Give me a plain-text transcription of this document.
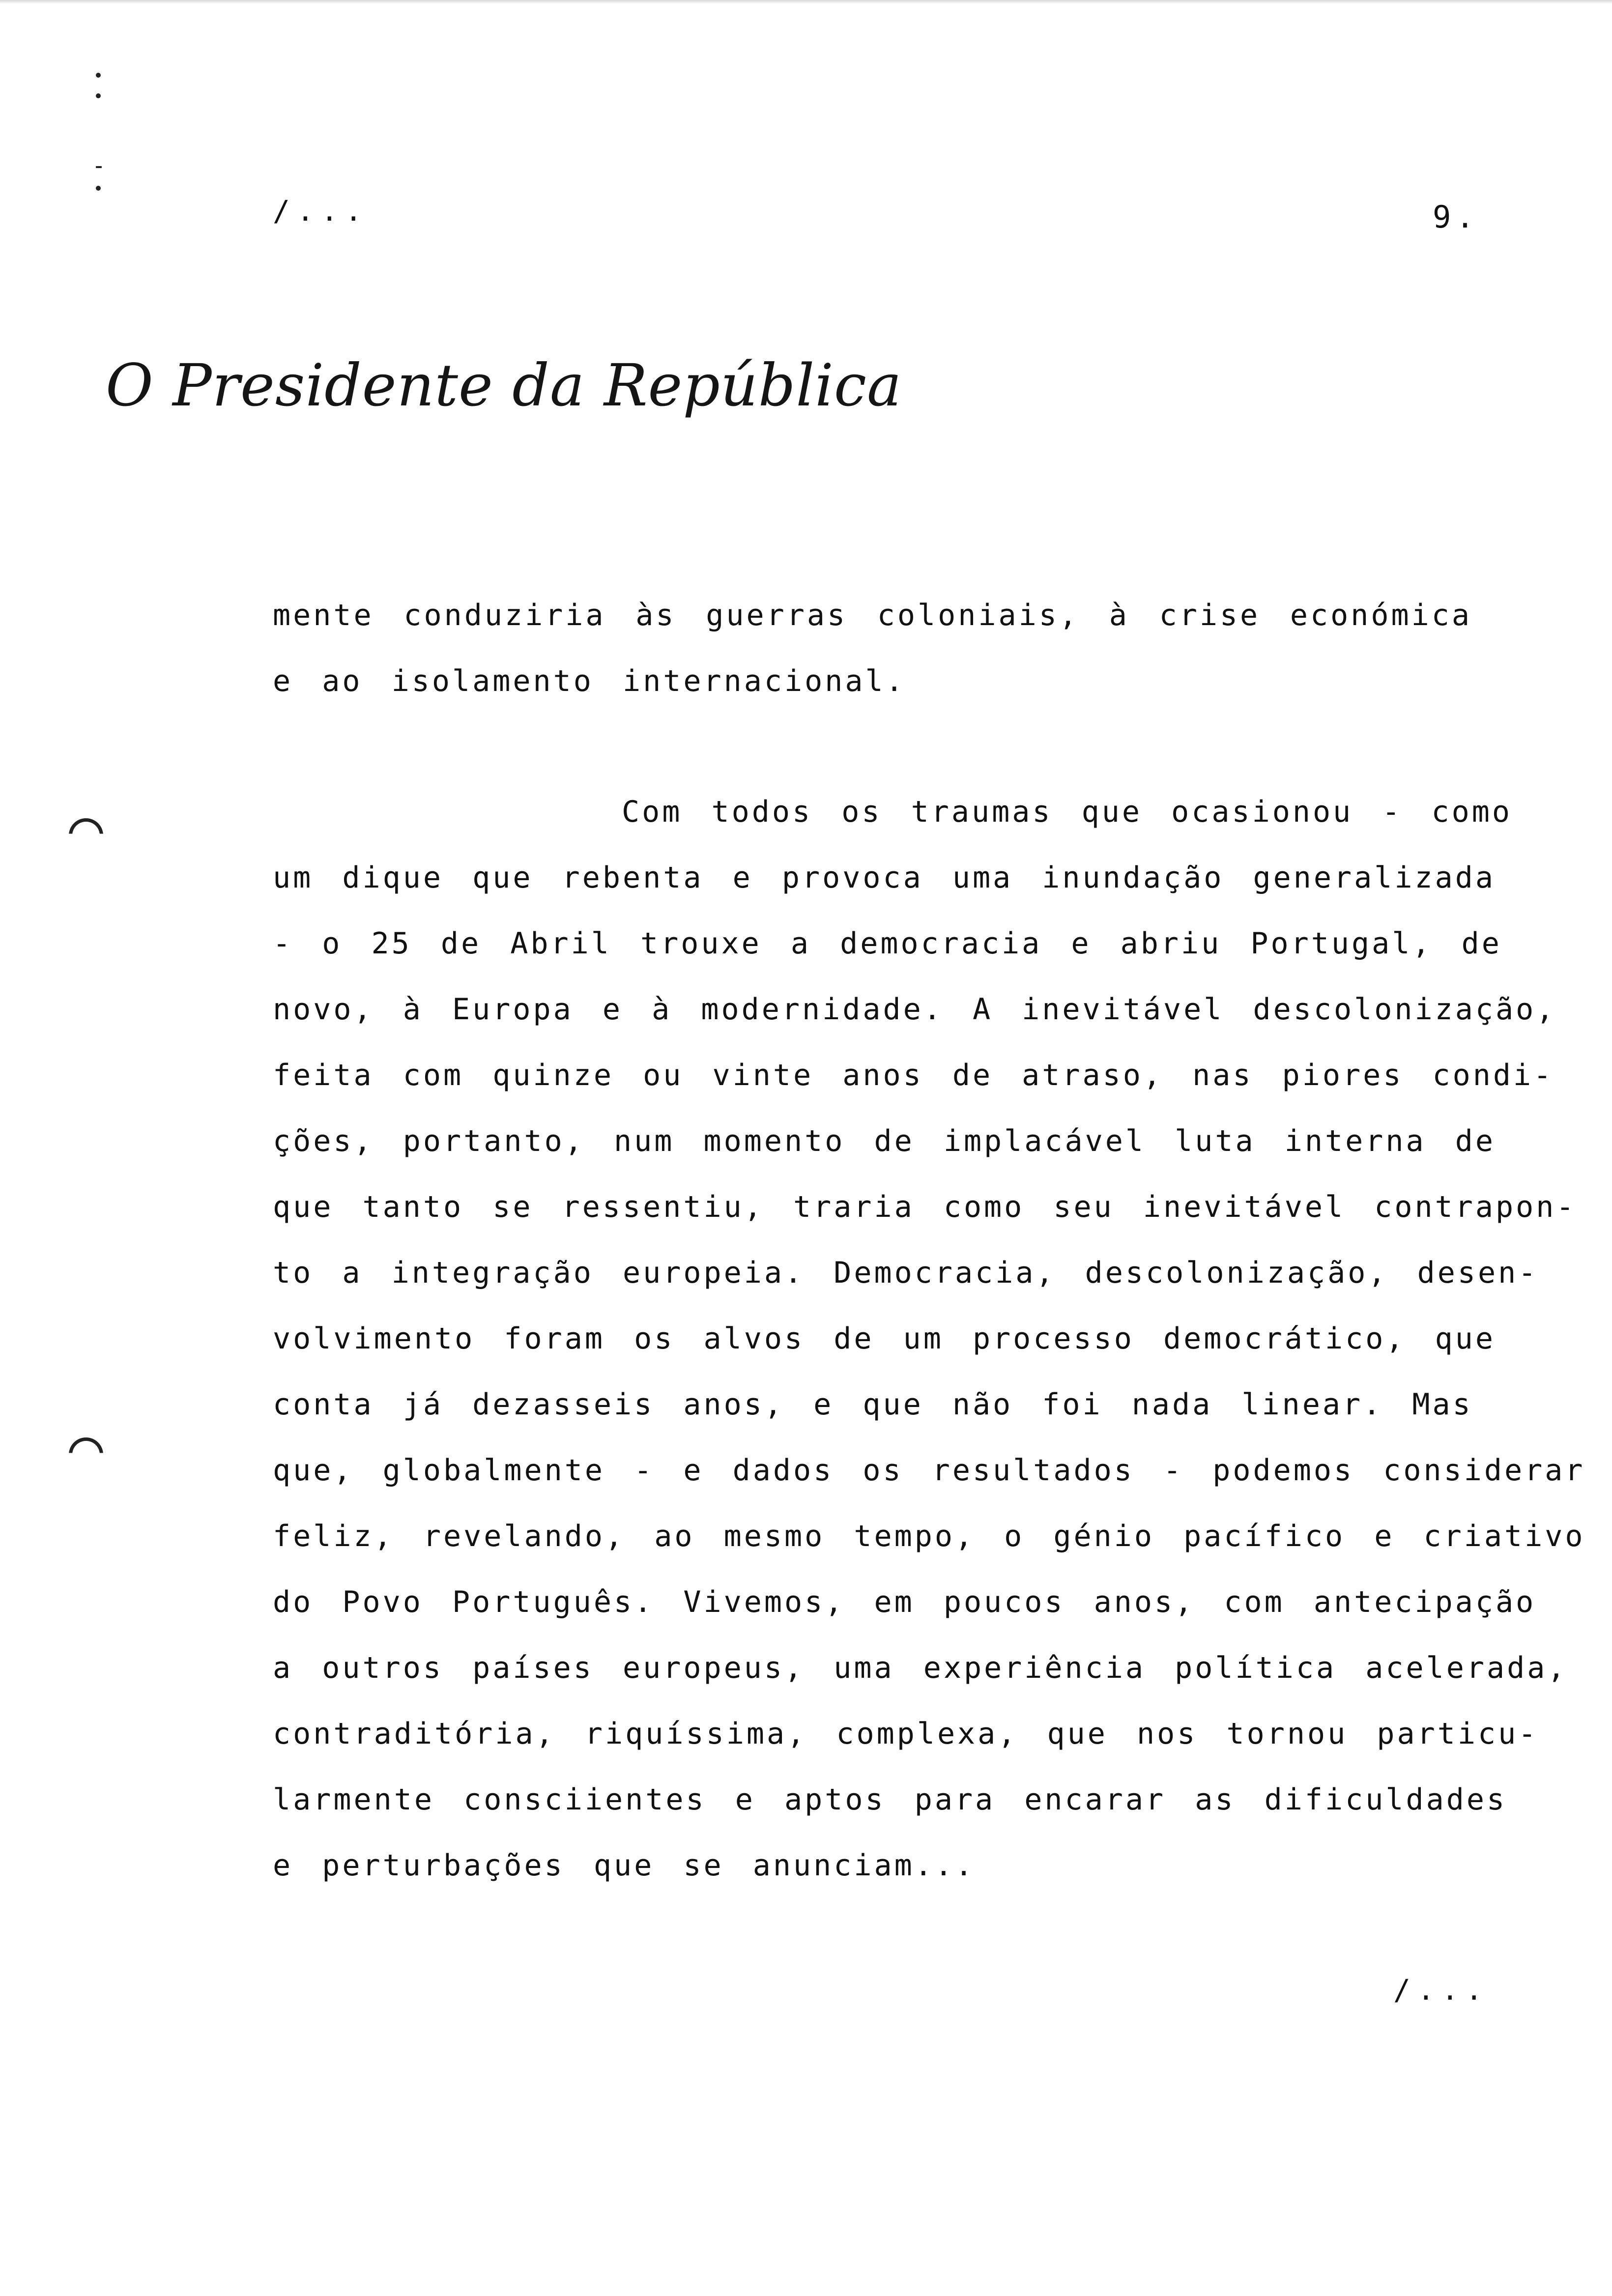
/...	9.
O Presidente da República
mente conduziria às guerras coloniais, à crise económica
e ao isolamento internacional.
Com todos os traumas que ocasionou - como
um dique que rebenta e provoca uma inundação generalizada
- o 25 de Abril trouxe a democracia e abriu Portugal, de
novo, à Europa e à modernidade. A inevitável descolonização,
feita com quinze ou vinte anos de atraso, nas piores condi-
ções, portanto, num momento de implacável luta interna de
que tanto se ressentiu, traria como seu inevitável contrapon-
to a integração europeia. Democracia, descolonização, desen-
volvimento foram os alvos de um processo democrático, que
conta já dezasseis anos, e que não foi nada linear. Mas
que, globalmente - e dados os resultados - podemos considerar
feliz, revelando, ao mesmo tempo, o génio pacífico e criativo
do Povo Português. Vivemos, em poucos anos, com antecipação
a outros países europeus, uma experiência política acelerada,
contraditória, riquíssima, complexa, que nos tornou particu-
larmente consciientes e aptos para encarar as dificuldades
e perturbações que se anunciam...
/...
